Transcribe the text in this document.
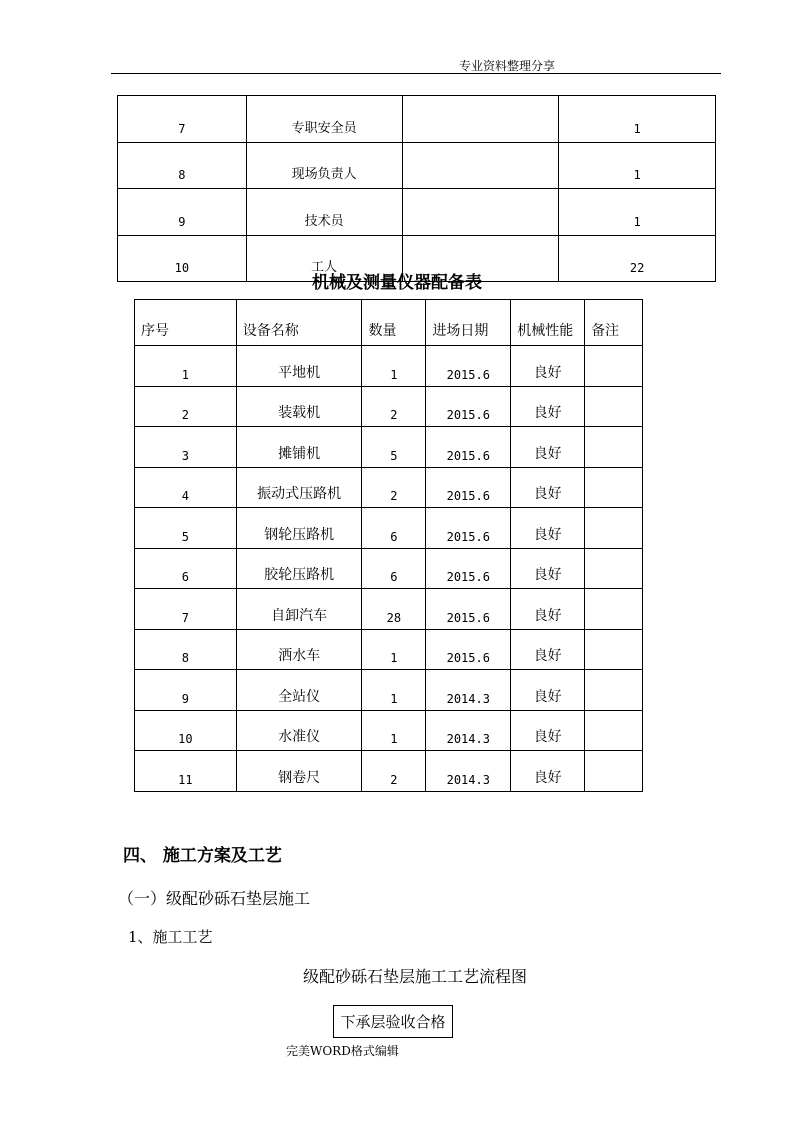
专业资料整理分享
7	专职安全员		1
8	现场负责人		1
9	技术员		1
10	工人		22
机械及测量仪器配备表
序号	设备名称	数量	进场日期	机械性能	备注
1	平地机	1	2015.6	良好	
2	装载机	2	2015.6	良好	
3	摊铺机	5	2015.6	良好	
4	振动式压路机	2	2015.6	良好	
5	钢轮压路机	6	2015.6	良好	
6	胶轮压路机	6	2015.6	良好	
7	自卸汽车	28	2015.6	良好	
8	洒水车	1	2015.6	良好	
9	全站仪	1	2014.3	良好	
10	水准仪	1	2014.3	良好	
11	钢卷尺	2	2014.3	良好	
四、 施工方案及工艺
（一）级配砂砾石垫层施工
1、施工工艺
级配砂砾石垫层施工工艺流程图
下承层验收合格
完美WORD格式编辑
